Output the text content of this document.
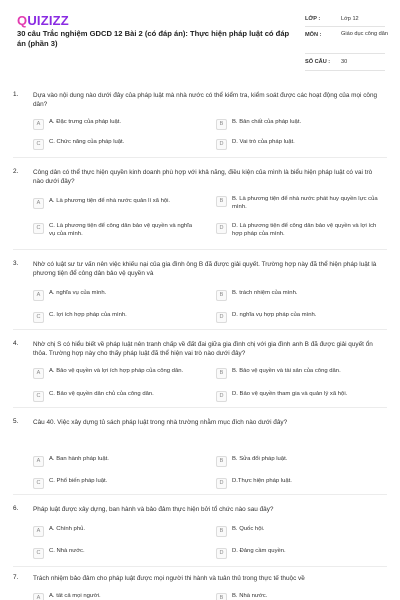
QUIZIZZ
30 câu Trắc nghiệm GDCD 12 Bài 2 (có đáp án): Thực hiện pháp luật có đáp án (phần 3)
LỚP :	Lớp 12
MÔN :	Giáo dục công dân
SỐ CÂU : 30
1. Dựa vào nội dung nào dưới đây của pháp luật mà nhà nước có thể kiểm tra, kiểm soát được các hoạt động của mọi công dân?
A	A. Đặc trưng của pháp luật.	B	B. Bản chất của pháp luật.
C	C. Chức năng của pháp luật.	D	D. Vai trò của pháp luật.
2. Công dân có thể thực hiện quyền kinh doanh phù hợp với khả năng, điều kiện của mình là biểu hiện pháp luật có vai trò nào dưới đây?
A	A. Là phương tiện để nhà nước quản lí xã hội.	B	B. Là phương tiện để nhà nước phát huy quyền lực của mình.
C	C. Là phương tiện để công dân bảo vệ quyền và nghĩa vụ của mình.
D	D. Là phương tiện để công dân bảo vệ quyền và lợi ích hợp pháp của mình.
3. Nhờ có luật sư tư vấn nên việc khiếu nại của gia đình ông B đã được giải quyết. Trường hợp này đã thể hiện pháp luật là phương tiện để công dân bảo vệ quyền và
A	A. nghĩa vụ của mình.	B	B. trách nhiệm của mình.
C	C. lợi ích hợp pháp của mình.	D	D. nghĩa vụ hợp pháp của mình.
4. Nhờ chị S có hiểu biết về pháp luật nên tranh chấp về đất đai giữa gia đình chị với gia đình anh B đã được giải quyết ổn thỏa. Trường hợp này cho thấy pháp luật đã thể hiện vai trò nào dưới đây?
A	A. Bảo vệ quyền và lợi ích hợp pháp của công dân.	B	B. Bảo vệ quyền và tài sản của công dân.
C	C. Bảo vệ quyền dân chủ của công dân.	D	D. Bảo vệ quyền tham gia và quản lý xã hội.
5. Câu 40. Việc xây dựng tủ sách pháp luật trong nhà trường nhằm mục đích nào dưới đây?
A	A. Ban hành pháp luật.	B	B. Sửa đổi pháp luật.
C	C. Phổ biến pháp luật.	D	D.Thực hiện pháp luật.
6. Pháp luật được xây dựng, ban hành và bảo đảm thực hiện bởi tổ chức nào sau đây?
A	A. Chính phủ.	B	B. Quốc hội.
C	C. Nhà nước.	D	D. Đảng cầm quyền.
7. Trách nhiệm bảo đảm cho pháp luật được mọi người thi hành và tuân thủ trong thực tế thuộc về
A	A. tất cả mọi người.	B	B. Nhà nước.
